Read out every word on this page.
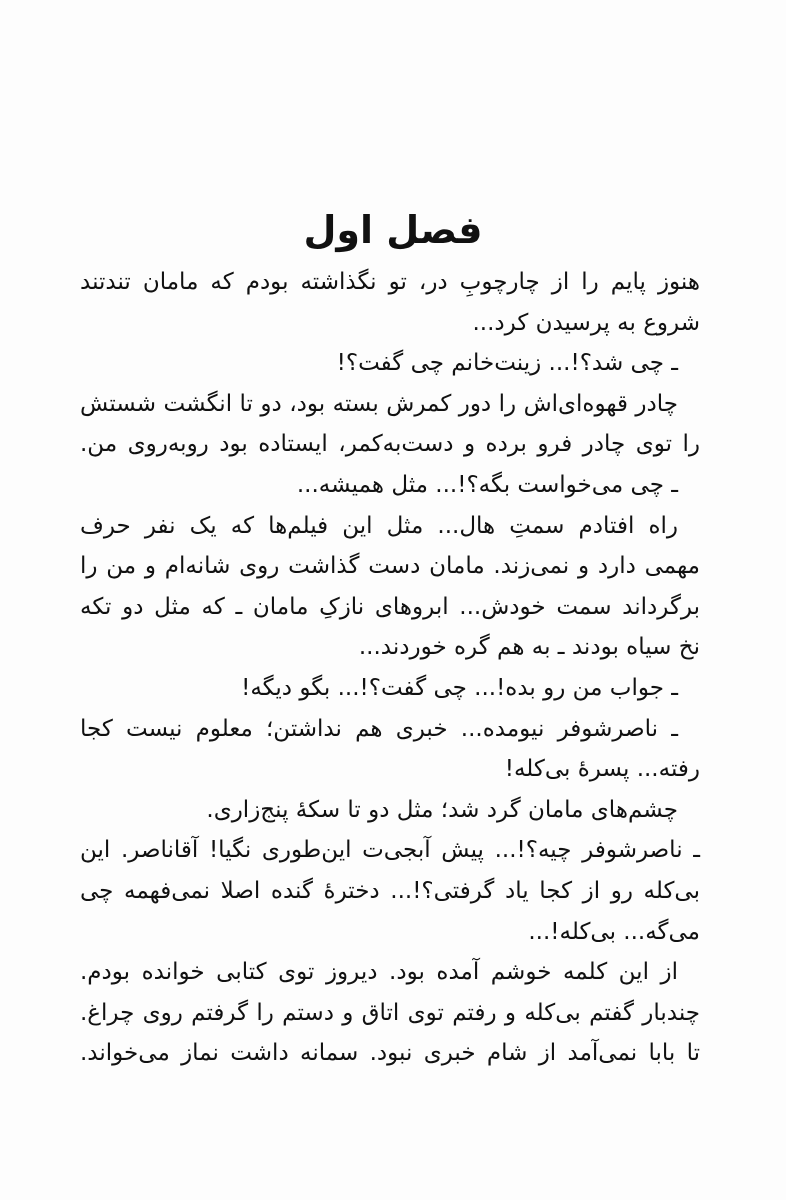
فصل اول
هنوز پایم را از چارچوبِ در، تو نگذاشته بودم که مامان تندتند
شروع به پرسیدن کرد...
ـ چی شد؟!... زینت‌خانم چی گفت؟!
چادر قهوه‌ای‌اش را دور کمرش بسته بود، دو تا انگشت شستش
را توی چادر فرو برده و دست‌به‌کمر، ایستاده بود روبه‌روی من.
ـ چی می‌خواست بگه؟!... مثل همیشه...
راه افتادم سمتِ هال... مثل این فیلم‌ها که یک نفر حرف
مهمی دارد و نمی‌زند. مامان دست گذاشت روی شانه‌ام و من را
برگرداند سمت خودش... ابروهای نازکِ مامان ـ که مثل دو تکه
نخ سیاه بودند ـ به هم گره خوردند...
ـ جواب من رو بده!... چی گفت؟!... بگو دیگه!
ـ ناصرشوفر نیومده... خبری هم نداشتن؛ معلوم نیست کجا
رفته... پسرهٔ بی‌کله!
چشم‌های مامان گرد شد؛ مثل دو تا سکهٔ پنج‌زاری.
ـ ناصرشوفر چیه؟!... پیش آبجی‌ت این‌طوری نگیا! آقاناصر. این
بی‌کله رو از کجا یاد گرفتی؟!... دخترهٔ گنده اصلا نمی‌فهمه چی
می‌گه... بی‌کله!...
از این کلمه خوشم آمده بود. دیروز توی کتابی خوانده بودم.
چندبار گفتم بی‌کله و رفتم توی اتاق و دستم را گرفتم روی چراغ.
تا بابا نمی‌آمد از شام خبری نبود. سمانه داشت نماز می‌خواند.
